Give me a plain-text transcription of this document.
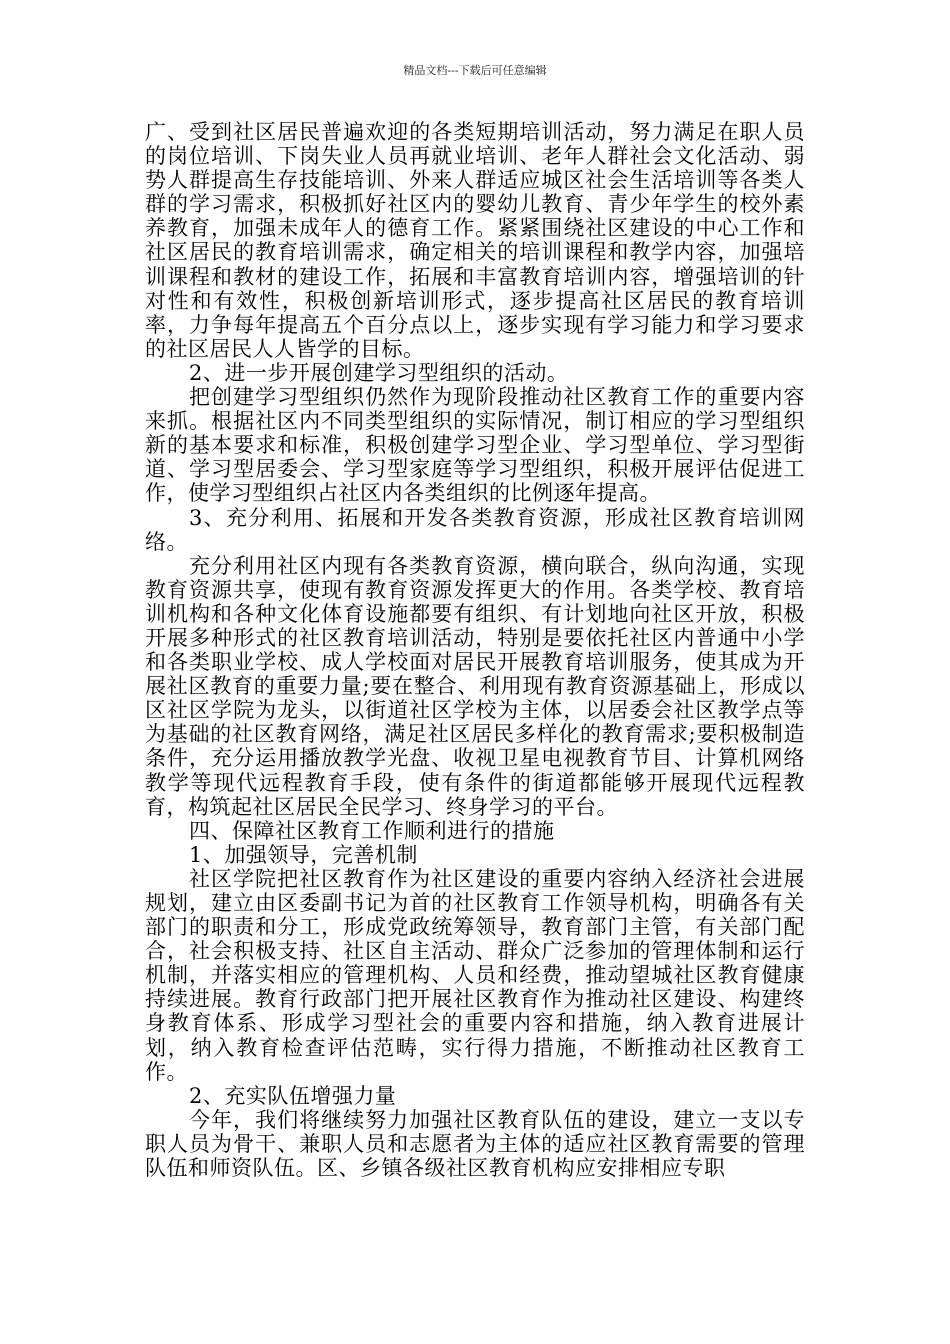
精品文档---下载后可任意编辑

广、受到社区居民普遍欢迎的各类短期培训活动，努力满足在职人员的岗位培训、下岗失业人员再就业培训、老年人群社会文化活动、弱势人群提高生存技能培训、外来人群适应城区社会生活培训等各类人群的学习需求，积极抓好社区内的婴幼儿教育、青少年学生的校外素养教育，加强未成年人的德育工作。紧紧围绕社区建设的中心工作和社区居民的教育培训需求，确定相关的培训课程和教学内容，加强培训课程和教材的建设工作，拓展和丰富教育培训内容，增强培训的针对性和有效性，积极创新培训形式，逐步提高社区居民的教育培训率，力争每年提高五个百分点以上，逐步实现有学习能力和学习要求的社区居民人人皆学的目标。

2、进一步开展创建学习型组织的活动。

把创建学习型组织仍然作为现阶段推动社区教育工作的重要内容来抓。根据社区内不同类型组织的实际情况，制订相应的学习型组织新的基本要求和标准，积极创建学习型企业、学习型单位、学习型街道、学习型居委会、学习型家庭等学习型组织，积极开展评估促进工作，使学习型组织占社区内各类组织的比例逐年提高。

3、充分利用、拓展和开发各类教育资源，形成社区教育培训网络。

充分利用社区内现有各类教育资源，横向联合，纵向沟通，实现教育资源共享，使现有教育资源发挥更大的作用。各类学校、教育培训机构和各种文化体育设施都要有组织、有计划地向社区开放，积极开展多种形式的社区教育培训活动，特别是要依托社区内普通中小学和各类职业学校、成人学校面对居民开展教育培训服务，使其成为开展社区教育的重要力量;要在整合、利用现有教育资源基础上，形成以区社区学院为龙头，以街道社区学校为主体，以居委会社区教学点等为基础的社区教育网络，满足社区居民多样化的教育需求;要积极制造条件，充分运用播放教学光盘、收视卫星电视教育节目、计算机网络教学等现代远程教育手段，使有条件的街道都能够开展现代远程教育，构筑起社区居民全民学习、终身学习的平台。

四、保障社区教育工作顺利进行的措施

1、加强领导，完善机制

社区学院把社区教育作为社区建设的重要内容纳入经济社会进展规划，建立由区委副书记为首的社区教育工作领导机构，明确各有关部门的职责和分工，形成党政统筹领导，教育部门主管，有关部门配合，社会积极支持、社区自主活动、群众广泛参加的管理体制和运行机制，并落实相应的管理机构、人员和经费，推动望城社区教育健康持续进展。教育行政部门把开展社区教育作为推动社区建设、构建终身教育体系、形成学习型社会的重要内容和措施，纳入教育进展计划，纳入教育检查评估范畴，实行得力措施，不断推动社区教育工作。

2、充实队伍增强力量

今年，我们将继续努力加强社区教育队伍的建设，建立一支以专职人员为骨干、兼职人员和志愿者为主体的适应社区教育需要的管理队伍和师资队伍。区、乡镇各级社区教育机构应安排相应专职
